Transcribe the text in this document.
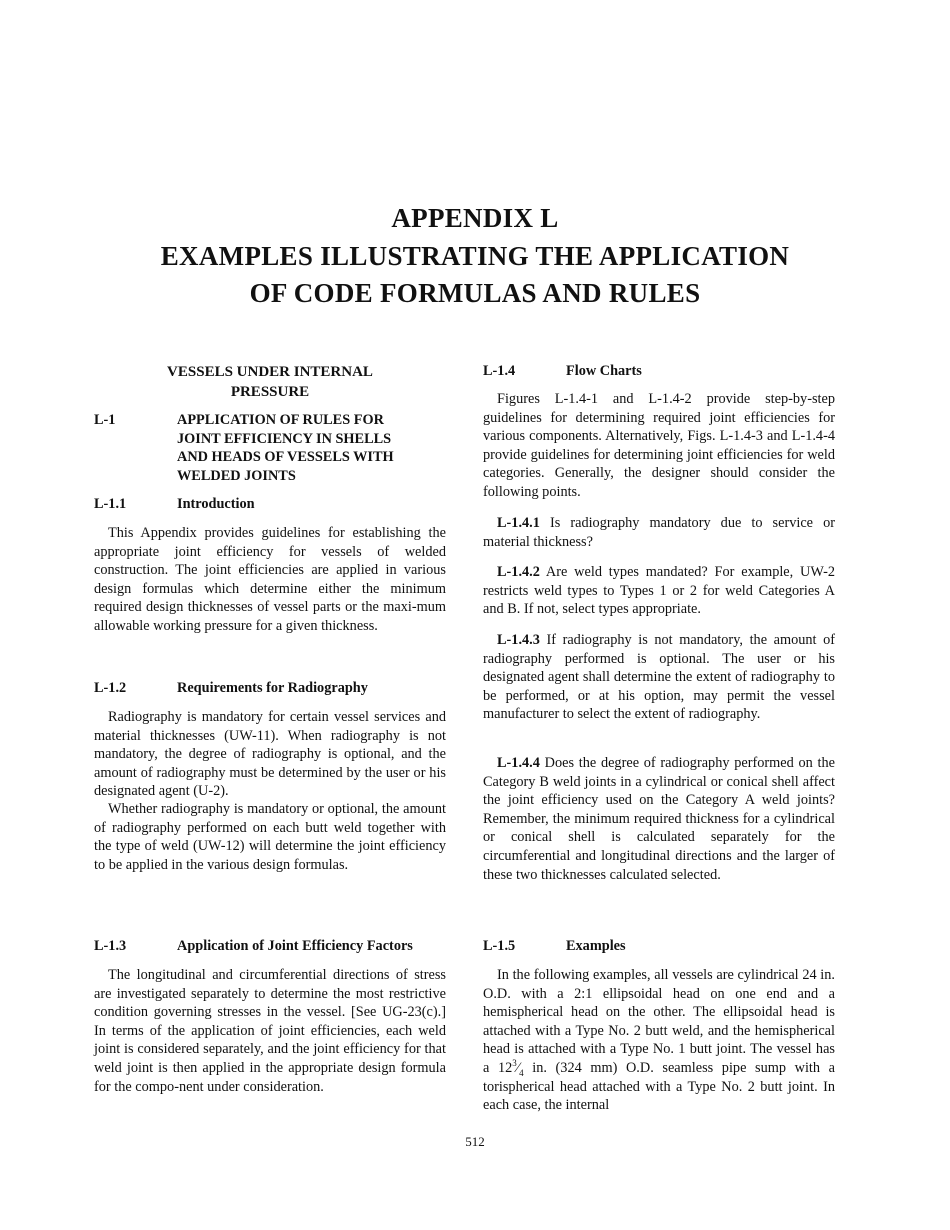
APPENDIX L
EXAMPLES ILLUSTRATING THE APPLICATION
OF CODE FORMULAS AND RULES
VESSELS UNDER INTERNAL
PRESSURE
L-1	APPLICATION OF RULES FOR
JOINT EFFICIENCY IN SHELLS
AND HEADS OF VESSELS WITH
WELDED JOINTS
L-1.1	Introduction

This Appendix provides guidelines for establishing the appropriate joint efficiency for vessels of welded construction. The joint efficiencies are applied in various design formulas which determine either the minimum required design thicknesses of vessel parts or the maxi-mum allowable working pressure for a given thickness.

L-1.2	Requirements for Radiography

Radiography is mandatory for certain vessel services and material thicknesses (UW-11). When radiography is not mandatory, the degree of radiography is optional, and the amount of radiography must be determined by the user or his designated agent (U-2).

Whether radiography is mandatory or optional, the amount of radiography performed on each butt weld together with the type of weld (UW-12) will determine the joint efficiency to be applied in the various design formulas.

L-1.3	Application of Joint Efficiency Factors

The longitudinal and circumferential directions of stress are investigated separately to determine the most restrictive condition governing stresses in the vessel. [See UG-23(c).] In terms of the application of joint efficiencies, each weld joint is considered separately, and the joint efficiency for that weld joint is then applied in the appropriate design formula for the compo-nent under consideration.

L-1.4	Flow Charts

Figures L-1.4-1 and L-1.4-2 provide step-by-step guidelines for determining required joint efficiencies for various components. Alternatively, Figs. L-1.4-3 and L-1.4-4 provide guidelines for determining joint efficiencies for weld categories. Generally, the designer should consider the following points.

L-1.4.1 Is radiography mandatory due to service or material thickness?

L-1.4.2 Are weld types mandated? For example, UW-2 restricts weld types to Types 1 or 2 for weld Categories A and B. If not, select types appropriate.

L-1.4.3 If radiography is not mandatory, the amount of radiography performed is optional. The user or his designated agent shall determine the extent of radiography to be performed, or at his option, may permit the vessel manufacturer to select the extent of radiography.

L-1.4.4 Does the degree of radiography performed on the Category B weld joints in a cylindrical or conical shell affect the joint efficiency used on the Category A weld joints? Remember, the minimum required thickness for a cylindrical or conical shell is calculated separately for the circumferential and longitudinal directions and the larger of these two thicknesses calculated selected.

L-1.5	Examples

In the following examples, all vessels are cylindrical 24 in. O.D. with a 2:1 ellipsoidal head on one end and a hemispherical head on the other. The ellipsoidal head is attached with a Type No. 2 butt weld, and the hemispherical head is attached with a Type No. 1 butt joint. The vessel has a $12^3⁄_4$ in. (324 mm) O.D. seamless pipe sump with a torispherical head attached with a Type No. 2 butt joint. In each case, the internal

512
